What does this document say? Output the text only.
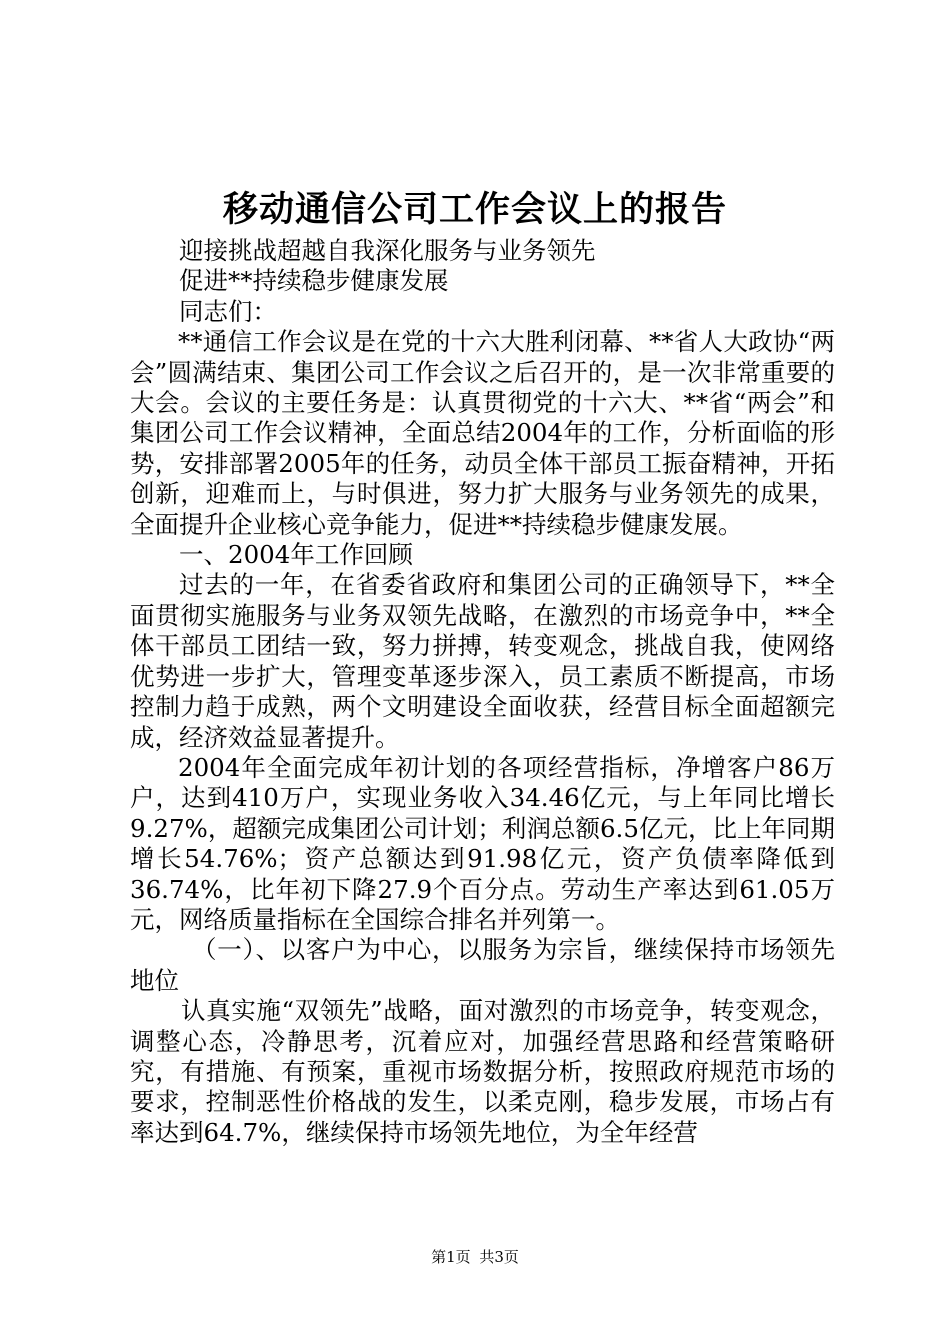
移动通信公司工作会议上的报告

迎接挑战超越自我深化服务与业务领先

促进**持续稳步健康发展

同志们：

**通信工作会议是在党的十六大胜利闭幕、**省人大政协“两会”圆满结束、集团公司工作会议之后召开的，是一次非常重要的大会。会议的主要任务是：认真贯彻党的十六大、**省“两会”和集团公司工作会议精神，全面总结2004年的工作，分析面临的形势，安排部署2005年的任务，动员全体干部员工振奋精神，开拓创新，迎难而上，与时俱进，努力扩大服务与业务领先的成果，全面提升企业核心竞争能力，促进**持续稳步健康发展。

一、2004年工作回顾

过去的一年，在省委省政府和集团公司的正确领导下，**全面贯彻实施服务与业务双领先战略，在激烈的市场竞争中，**全体干部员工团结一致，努力拼搏，转变观念，挑战自我，使网络优势进一步扩大，管理变革逐步深入，员工素质不断提高，市场控制力趋于成熟，两个文明建设全面收获，经营目标全面超额完成，经济效益显著提升。

2004年全面完成年初计划的各项经营指标，净增客户86万户，达到410万户，实现业务收入34.46亿元，与上年同比增长9.27%，超额完成集团公司计划；利润总额6.5亿元，比上年同期增长54.76%；资产总额达到91.98亿元，资产负债率降低到36.74%，比年初下降27.9个百分点。劳动生产率达到61.05万元，网络质量指标在全国综合排名并列第一。

（一）、以客户为中心，以服务为宗旨，继续保持市场领先地位

认真实施“双领先”战略，面对激烈的市场竞争，转变观念，调整心态，冷静思考，沉着应对，加强经营思路和经营策略研究，有措施、有预案，重视市场数据分析，按照政府规范市场的要求，控制恶性价格战的发生，以柔克刚，稳步发展，市场占有率达到64.7%，继续保持市场领先地位，为全年经营

第1页 共3页
